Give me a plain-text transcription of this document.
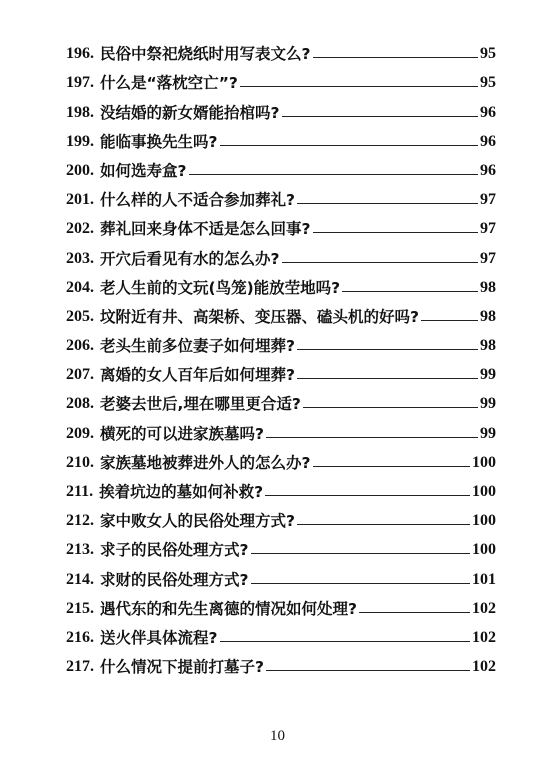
196. 民俗中祭祀烧纸时用写表文么?	95
197. 什么是“落枕空亡”?	95
198. 没结婚的新女婿能抬棺吗?	96
199. 能临事换先生吗?	96
200. 如何选寿盒?	96
201. 什么样的人不适合参加葬礼?	97
202. 葬礼回来身体不适是怎么回事?	97
203. 开穴后看见有水的怎么办?	97
204. 老人生前的文玩(鸟笼)能放茔地吗?	98
205. 坟附近有井、高架桥、变压器、磕头机的好吗?	98
206. 老头生前多位妻子如何埋葬?	98
207. 离婚的女人百年后如何埋葬?	99
208. 老婆去世后,埋在哪里更合适?	99
209. 横死的可以进家族墓吗?	99
210. 家族墓地被葬进外人的怎么办?	100
211. 挨着坑边的墓如何补救?	100
212. 家中败女人的民俗处理方式?	100
213. 求子的民俗处理方式?	100
214. 求财的民俗处理方式?	101
215. 遇代东的和先生离德的情况如何处理?	102
216. 送火伴具体流程?	102
217. 什么情况下提前打墓子?	102
10
